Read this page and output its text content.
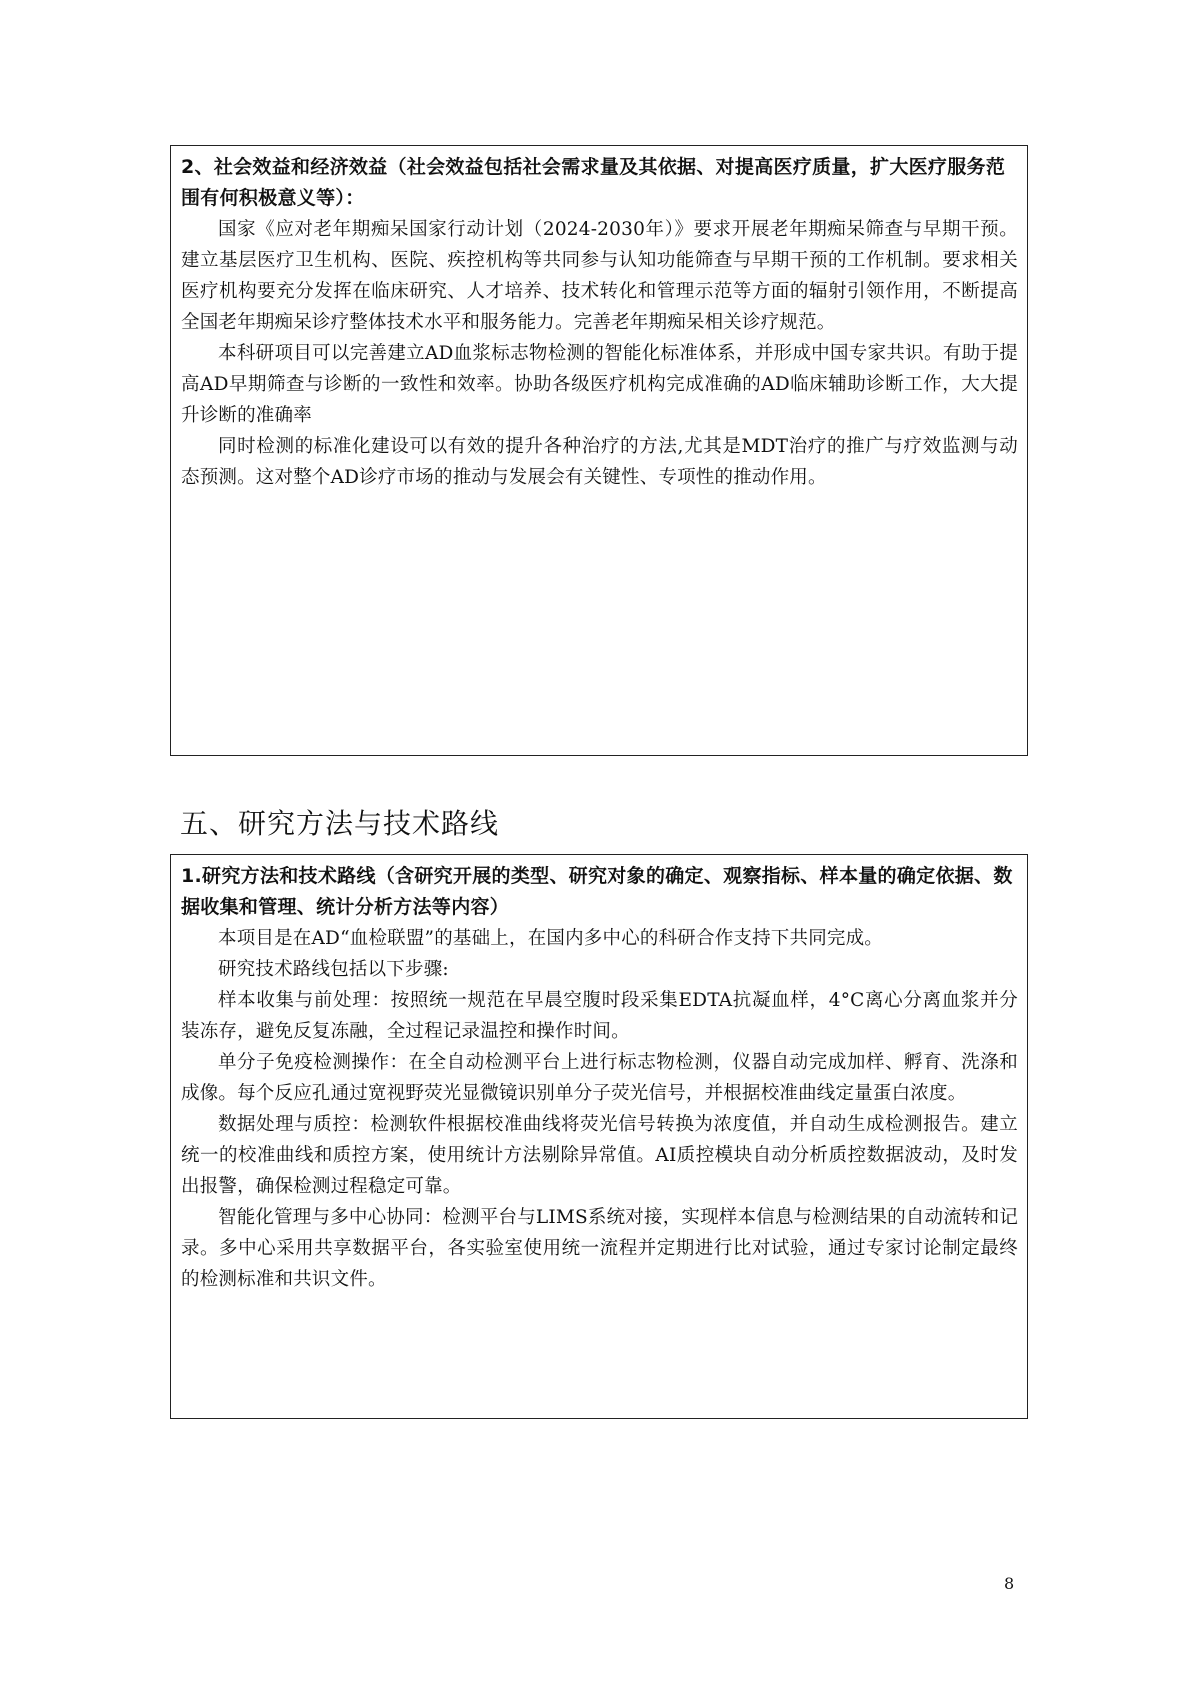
2、社会效益和经济效益（社会效益包括社会需求量及其依据、对提高医疗质量，扩大医疗服务范围有何积极意义等）：

国家《应对老年期痴呆国家行动计划（2024-2030年）》要求开展老年期痴呆筛查与早期干预。建立基层医疗卫生机构、医院、疾控机构等共同参与认知功能筛查与早期干预的工作机制。要求相关医疗机构要充分发挥在临床研究、人才培养、技术转化和管理示范等方面的辐射引领作用，不断提高全国老年期痴呆诊疗整体技术水平和服务能力。完善老年期痴呆相关诊疗规范。

本科研项目可以完善建立AD血浆标志物检测的智能化标准体系，并形成中国专家共识。有助于提高AD早期筛查与诊断的一致性和效率。协助各级医疗机构完成准确的AD临床辅助诊断工作，大大提升诊断的准确率

同时检测的标准化建设可以有效的提升各种治疗的方法,尤其是MDT治疗的推广与疗效监测与动态预测。这对整个AD诊疗市场的推动与发展会有关键性、专项性的推动作用。

五、研究方法与技术路线

1.研究方法和技术路线（含研究开展的类型、研究对象的确定、观察指标、样本量的确定依据、数据收集和管理、统计分析方法等内容）

本项目是在AD“血检联盟”的基础上，在国内多中心的科研合作支持下共同完成。

研究技术路线包括以下步骤:

样本收集与前处理：按照统一规范在早晨空腹时段采集EDTA抗凝血样，4°C离心分离血浆并分装冻存，避免反复冻融，全过程记录温控和操作时间。

单分子免疫检测操作：在全自动检测平台上进行标志物检测，仪器自动完成加样、孵育、洗涤和成像。每个反应孔通过宽视野荧光显微镜识别单分子荧光信号，并根据校准曲线定量蛋白浓度。

数据处理与质控：检测软件根据校准曲线将荧光信号转换为浓度值，并自动生成检测报告。建立统一的校准曲线和质控方案，使用统计方法剔除异常值。AI质控模块自动分析质控数据波动，及时发出报警，确保检测过程稳定可靠。

智能化管理与多中心协同：检测平台与LIMS系统对接，实现样本信息与检测结果的自动流转和记录。多中心采用共享数据平台，各实验室使用统一流程并定期进行比对试验，通过专家讨论制定最终的检测标准和共识文件。

8
